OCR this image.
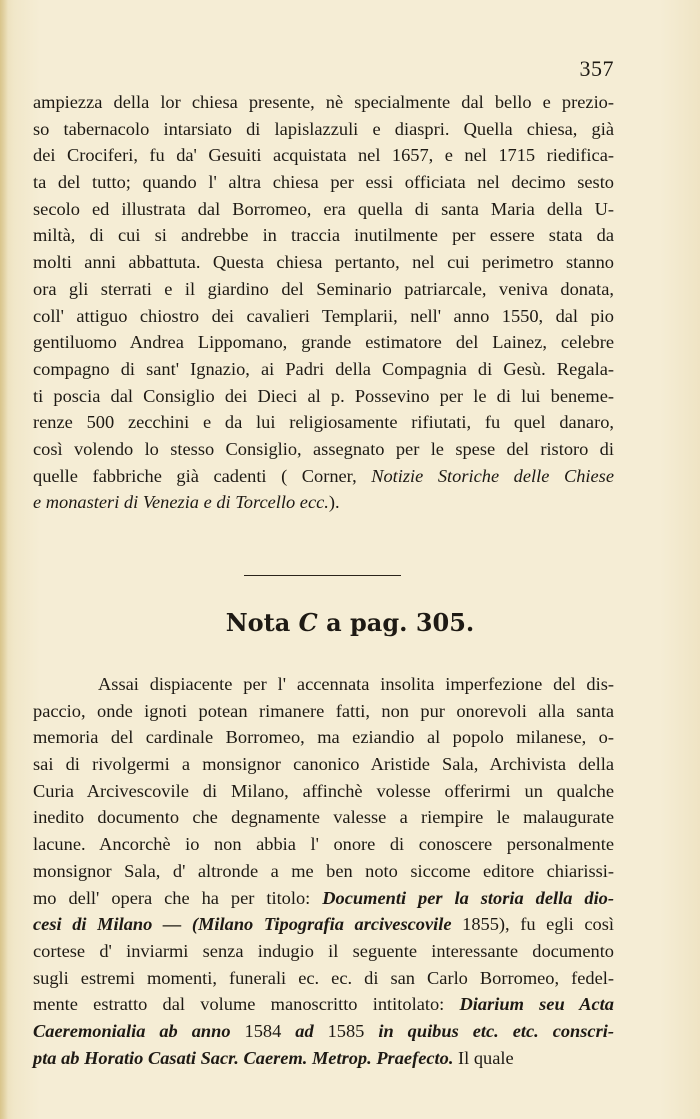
357
ampiezza della lor chiesa presente, nè specialmente dal bello e prezio-
so tabernacolo intarsiato di lapislazzuli e diaspri. Quella chiesa, già
dei Crociferi, fu da' Gesuiti acquistata nel 1657, e nel 1715 riedifica-
ta del tutto; quando l' altra chiesa per essi officiata nel decimo sesto
secolo ed illustrata dal Borromeo, era quella di santa Maria della U-
miltà, di cui si andrebbe in traccia inutilmente per essere stata da
molti anni abbattuta. Questa chiesa pertanto, nel cui perimetro stanno
ora gli sterrati e il giardino del Seminario patriarcale, veniva donata,
coll' attiguo chiostro dei cavalieri Templarii, nell' anno 1550, dal pio
gentiluomo Andrea Lippomano, grande estimatore del Lainez, celebre
compagno di sant' Ignazio, ai Padri della Compagnia di Gesù. Regala-
ti poscia dal Consiglio dei Dieci al p. Possevino per le di lui beneme-
renze 500 zecchini e da lui religiosamente rifiutati, fu quel danaro,
così volendo lo stesso Consiglio, assegnato per le spese del ristoro di
quelle fabbriche già cadenti ( Corner, Notizie Storiche delle Chiese
e monasteri di Venezia e di Torcello ecc.).
Nota C a pag. 305.
Assai dispiacente per l' accennata insolita imperfezione del dis-
paccio, onde ignoti potean rimanere fatti, non pur onorevoli alla santa
memoria del cardinale Borromeo, ma eziandio al popolo milanese, o-
sai di rivolgermi a monsignor canonico Aristide Sala, Archivista della
Curia Arcivescovile di Milano, affinchè volesse offerirmi un qualche
inedito documento che degnamente valesse a riempire le malaugurate
lacune. Ancorchè io non abbia l' onore di conoscere personalmente
monsignor Sala, d' altronde a me ben noto siccome editore chiarissi-
mo dell' opera che ha per titolo: Documenti per la storia della dio-
cesi di Milano — (Milano Tipografia arcivescovile 1855), fu egli così
cortese d' inviarmi senza indugio il seguente interessante documento
sugli estremi momenti, funerali ec. ec. di san Carlo Borromeo, fedel-
mente estratto dal volume manoscritto intitolato: Diarium seu Acta
Caeremonialia ab anno 1584 ad 1585 in quibus etc. etc. conscri-
pta ab Horatio Casati Sacr. Caerem. Metrop. Praefecto. Il quale
